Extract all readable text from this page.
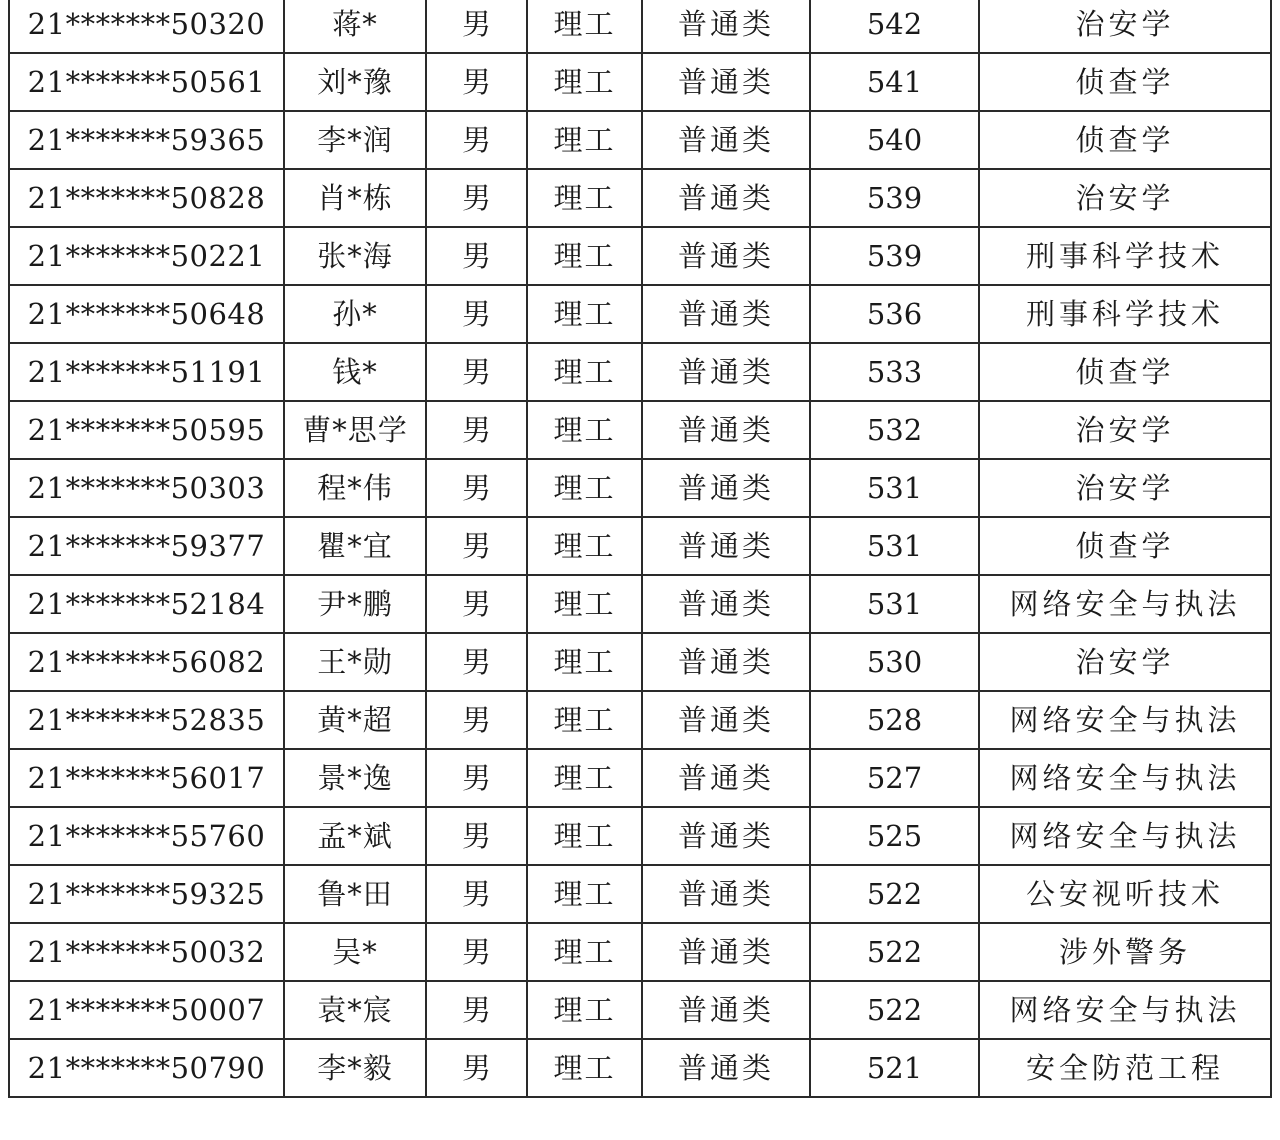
21*******50320	蒋*	男	理工	普通类	542	治安学
21*******50561	刘*豫	男	理工	普通类	541	侦查学
21*******59365	李*润	男	理工	普通类	540	侦查学
21*******50828	肖*栋	男	理工	普通类	539	治安学
21*******50221	张*海	男	理工	普通类	539	刑事科学技术
21*******50648	孙*	男	理工	普通类	536	刑事科学技术
21*******51191	钱*	男	理工	普通类	533	侦查学
21*******50595	曹*思学	男	理工	普通类	532	治安学
21*******50303	程*伟	男	理工	普通类	531	治安学
21*******59377	瞿*宜	男	理工	普通类	531	侦查学
21*******52184	尹*鹏	男	理工	普通类	531	网络安全与执法
21*******56082	王*勋	男	理工	普通类	530	治安学
21*******52835	黄*超	男	理工	普通类	528	网络安全与执法
21*******56017	景*逸	男	理工	普通类	527	网络安全与执法
21*******55760	孟*斌	男	理工	普通类	525	网络安全与执法
21*******59325	鲁*田	男	理工	普通类	522	公安视听技术
21*******50032	吴*	男	理工	普通类	522	涉外警务
21*******50007	袁*宸	男	理工	普通类	522	网络安全与执法
21*******50790	李*毅	男	理工	普通类	521	安全防范工程
